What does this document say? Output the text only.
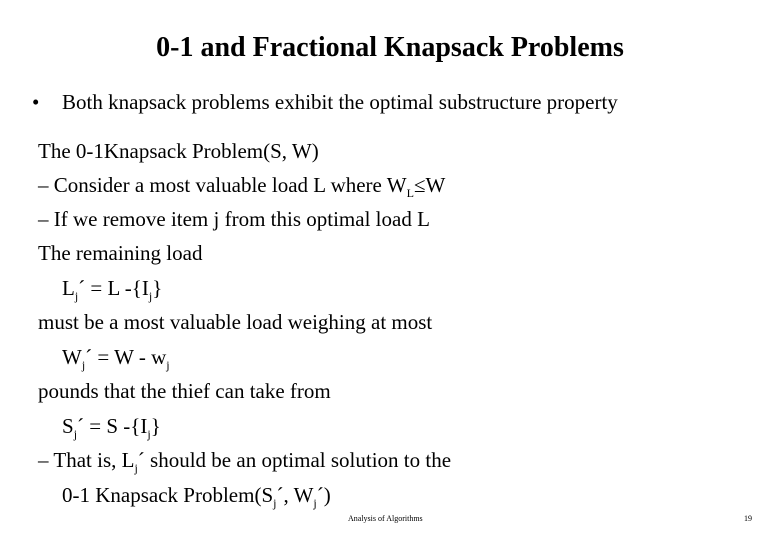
0-1 and Fractional Knapsack Problems
• Both knapsack problems exhibit the optimal substructure property
The 0-1Knapsack Problem(S, W)
– Consider a most valuable load L where $W_L\le W$
– If we remove item j from this optimal load L
The remaining load
$L_j´ = L$ $-\{I_j\}$
must be a most valuable load weighing at most
$W_j´ = W - w_j$
pounds that the thief can take from
$S_j´ = S$ $-\{I_j\}$
– That is, $L_j´$ should be an optimal solution to the
0-1 Knapsack $Problem(S_j´$, $W_j´$)
Analysis of Algorithms	19
